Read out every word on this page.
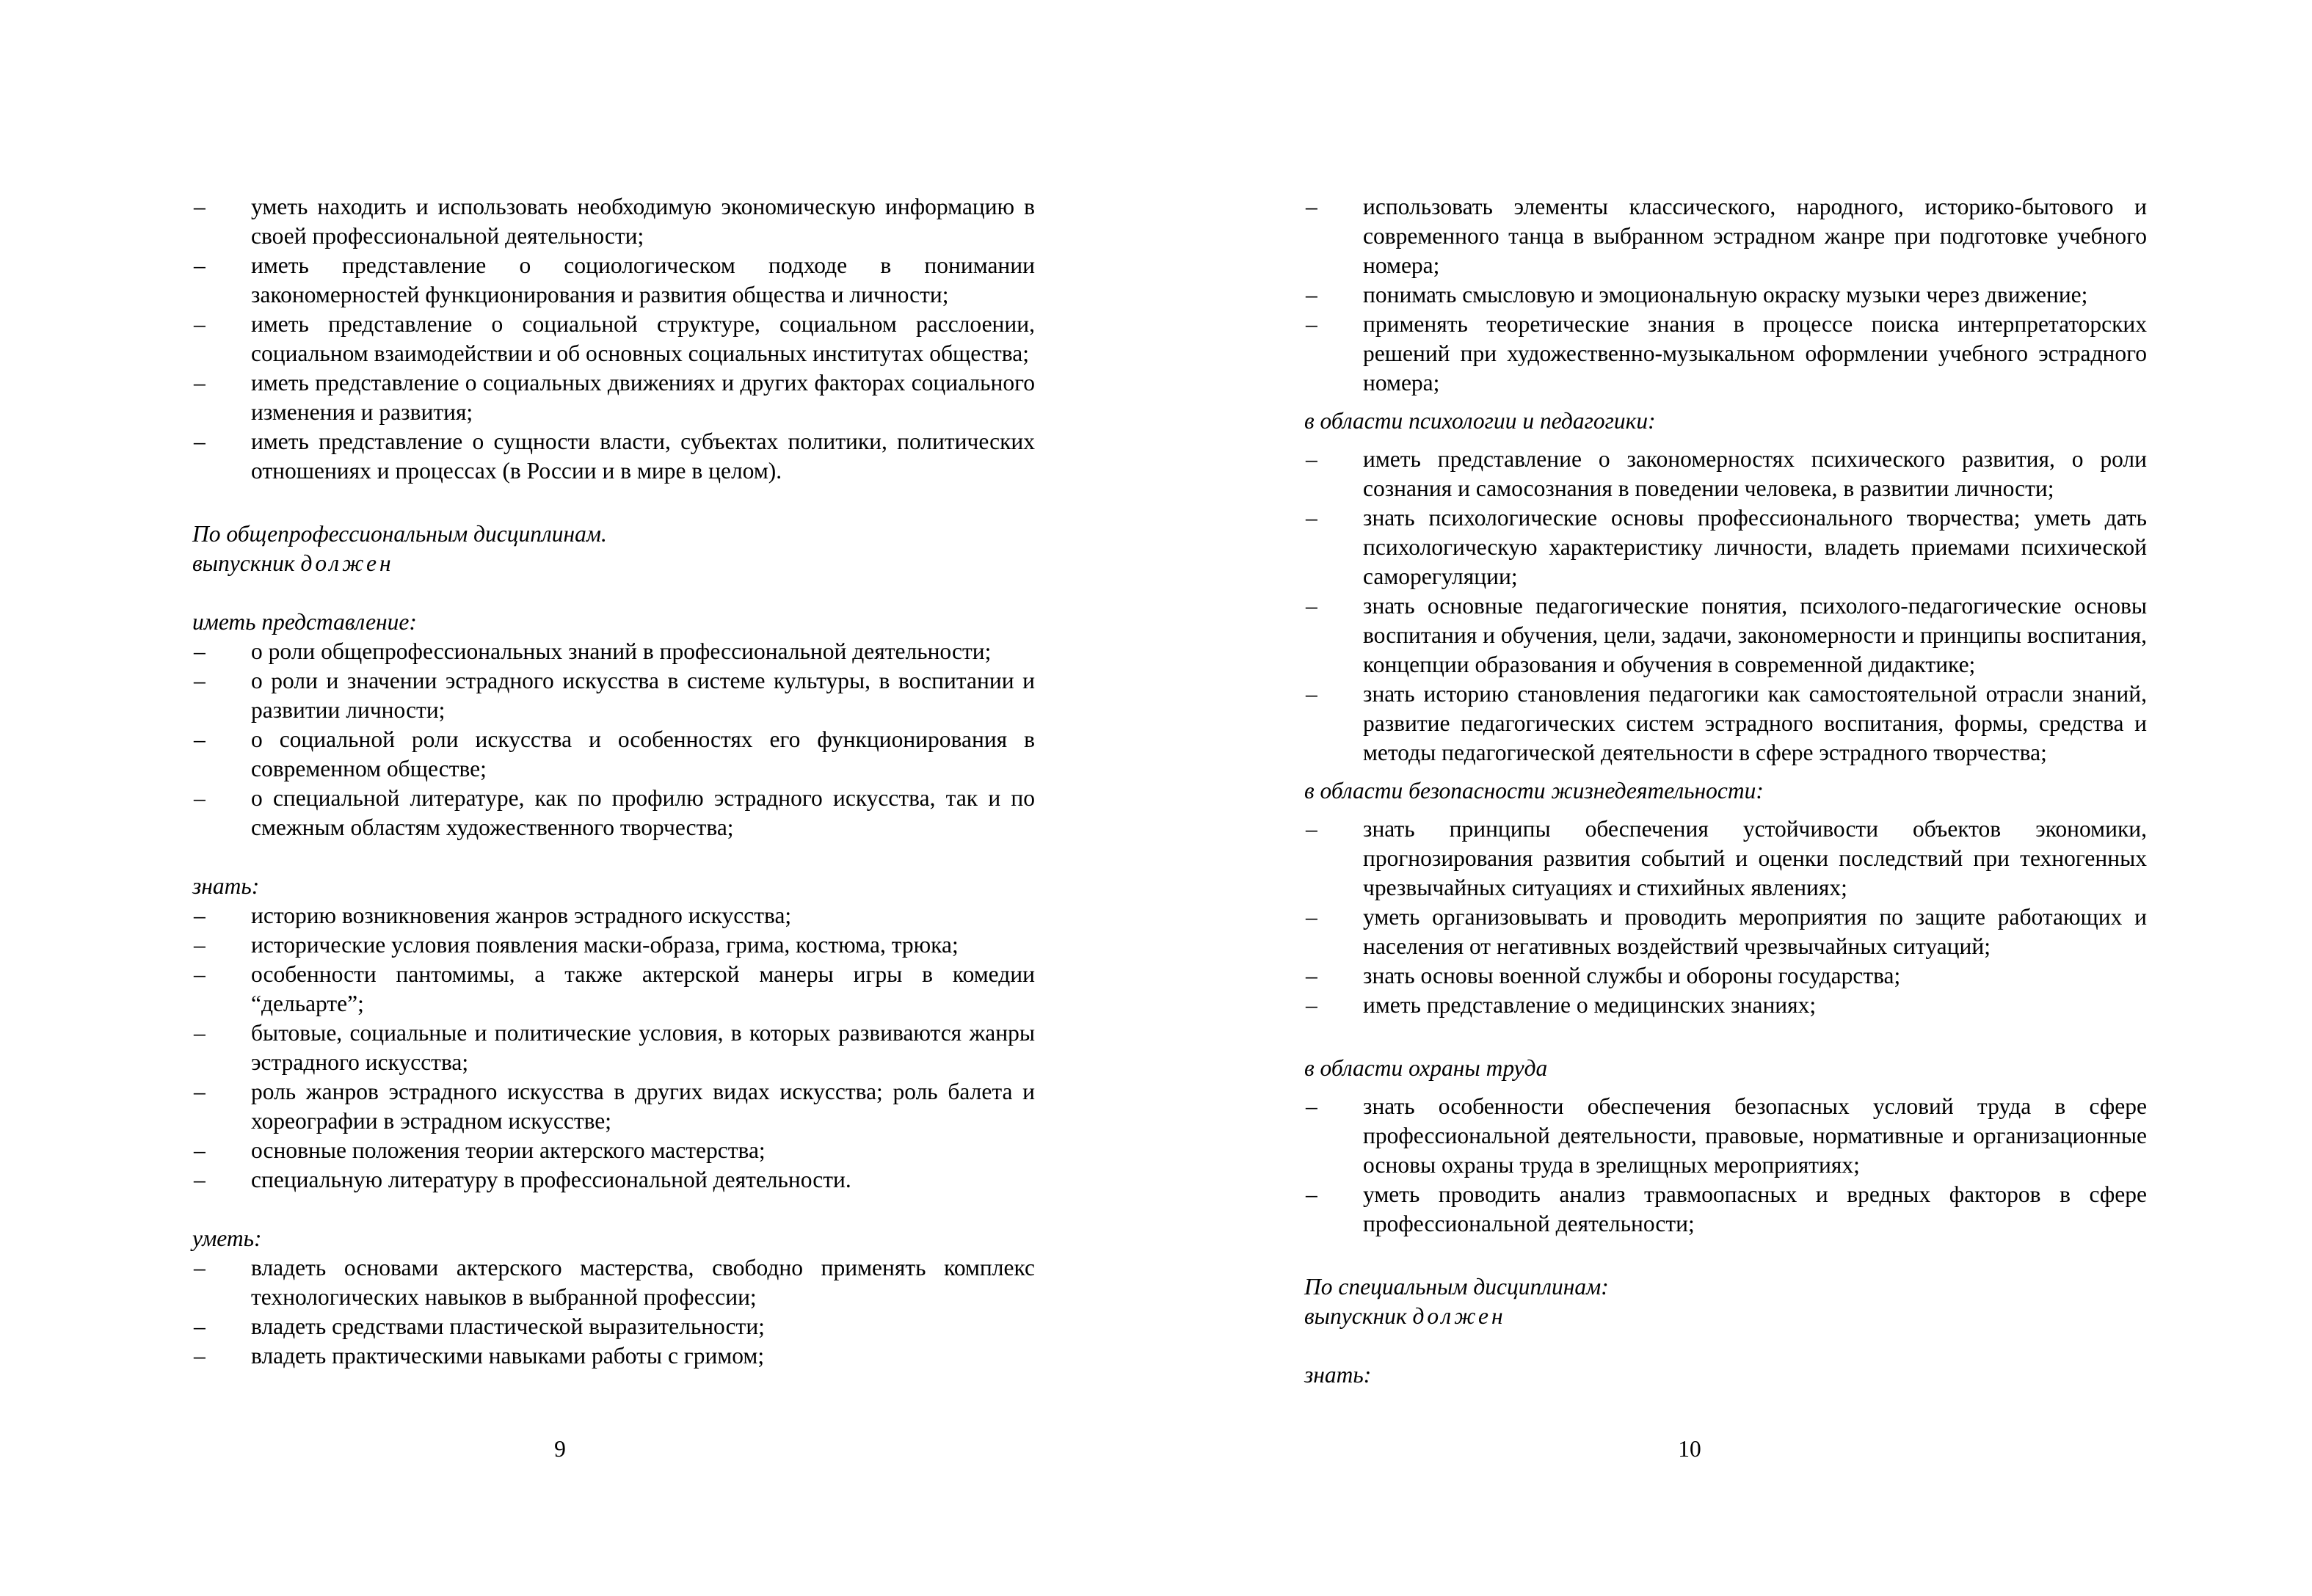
– уметь находить и использовать необходимую экономическую информацию в своей профессиональной деятельности;
– иметь представление о социологическом подходе в понимании закономерностей функционирования и развития общества и личности;
– иметь представление о социальной структуре, социальном расслоении, социальном взаимодействии и об основных социальных институтах общества;
– иметь представление о социальных движениях и других факторах социального изменения и развития;
– иметь представление о сущности власти, субъектах политики, политических отношениях и процессах (в России и в мире в целом).

По общепрофессиональным дисциплинам.

выпускник должен

иметь представление:

– о роли общепрофессиональных знаний в профессиональной деятельности;
– о роли и значении эстрадного искусства в системе культуры, в воспитании и развитии личности;
– о социальной роли искусства и особенностях его функционирования в современном обществе;
– о специальной литературе, как по профилю эстрадного искусства, так и по смежным областям художественного творчества;

знать:

– историю возникновения жанров эстрадного искусства;
– исторические условия появления маски-образа, грима, костюма, трюка;
– особенности пантомимы, а также актерской манеры игры в комедии “дельарте”;
– бытовые, социальные и политические условия, в которых развиваются жанры эстрадного искусства;
– роль жанров эстрадного искусства в других видах искусства; роль балета и хореографии в эстрадном искусстве;
– основные положения теории актерского мастерства;
– специальную литературу в профессиональной деятельности.

уметь:

– владеть основами актерского мастерства, свободно применять комплекс технологических навыков в выбранной профессии;
– владеть средствами пластической выразительности;
– владеть практическими навыками работы с гримом;
9
– использовать элементы классического, народного, историко-бытового и современного танца в выбранном эстрадном жанре при подготовке учебного номера;
– понимать смысловую и эмоциональную окраску музыки через движение;
– применять теоретические знания в процессе поиска интерпретаторских решений при художественно-музыкальном оформлении учебного эстрадного номера;

в области психологии и педагогики:

– иметь представление о закономерностях психического развития, о роли сознания и самосознания в поведении человека, в развитии личности;
– знать психологические основы профессионального творчества; уметь дать психологическую характеристику личности, владеть приемами психической саморегуляции;
– знать основные педагогические понятия, психолого-педагогические основы воспитания и обучения, цели, задачи, закономерности и принципы воспитания, концепции образования и обучения в современной дидактике;
– знать историю становления педагогики как самостоятельной отрасли знаний, развитие педагогических систем эстрадного воспитания, формы, средства и методы педагогической деятельности в сфере эстрадного творчества;

в области безопасности жизнедеятельности:

– знать принципы обеспечения устойчивости объектов экономики, прогнозирования развития событий и оценки последствий при техногенных чрезвычайных ситуациях и стихийных явлениях;
– уметь организовывать и проводить мероприятия по защите работающих и населения от негативных воздействий чрезвычайных ситуаций;
– знать основы военной службы и обороны государства;
– иметь представление о медицинских знаниях;

в области охраны труда

– знать особенности обеспечения безопасных условий труда в сфере профессиональной деятельности, правовые, нормативные и организационные основы охраны труда в зрелищных мероприятиях;
– уметь проводить анализ травмоопасных и вредных факторов в сфере профессиональной деятельности;

По специальным дисциплинам:

выпускник должен

знать:

10
